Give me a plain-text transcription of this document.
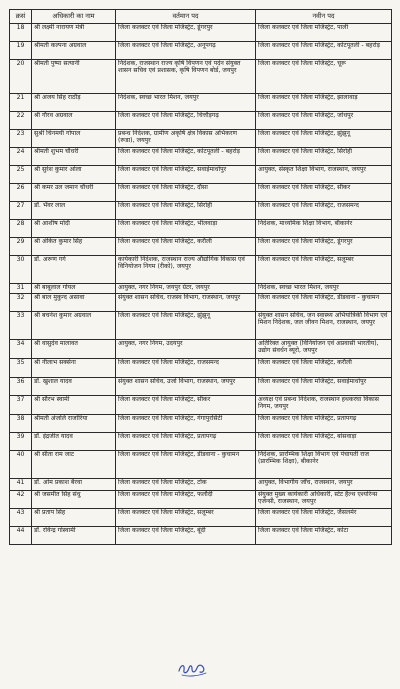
क्रसं	अधिकारी का नाम	वर्तमान पद	नवीन पद
18	श्री लक्ष्मी नारायण मंत्री	जिला कलक्टर एवं जिला मजिस्ट्रेट, डूंगरपुर	जिला कलक्टर एवं जिला मजिस्ट्रेट, पाली
19	श्रीमती कल्पना अग्रवाल	जिला कलक्टर एवं जिला मजिस्ट्रेट, अनूपगढ़	जिला कलक्टर एवं जिला मजिस्ट्रेट, कोटपूतली - बहरोड़
20	श्रीमती पुष्पा सत्यानी	निदेशक, राजस्थान राज्य कृषि विपणन एवं पदेन संयुक्त शासन सचिव एवं प्रशासक, कृषि विपणन बोर्ड, जयपुर	जिला कलक्टर एवं जिला मजिस्ट्रेट, चूरू
21	श्री अजय सिंह राठौड़	निदेशक, स्वच्छ भारत मिशन, जयपुर	जिला कलक्टर एवं जिला मजिस्ट्रेट, झालावाड़
22	श्री गौरव अग्रवाल	जिला कलक्टर एवं जिला मजिस्ट्रेट, चित्तौड़गढ़	जिला कलक्टर एवं जिला मजिस्ट्रेट, जोधपुर
23	सुश्री चिनमयी गोपाल	प्रबन्ध निदेशक, ग्रामीण अकृषि क्षेत्र विकास अभिकरण (रूडा), जयपुर	जिला कलक्टर एवं जिला मजिस्ट्रेट, झुंझुनू
24	श्रीमती शुभम चौधरी	जिला कलक्टर एवं जिला मजिस्ट्रेट, कोटपूतली - बहरोड़	जिला कलक्टर एवं जिला मजिस्ट्रेट, सिरोही
25	श्री सुरेश कुमार ओला	जिला कलक्टर एवं जिला मजिस्ट्रेट, सवाईमाधोपुर	आयुक्त, संस्कृत शिक्षा विभाग, राजस्थान, जयपुर
26	श्री कमर उल जमान चौधरी	जिला कलक्टर एवं जिला मजिस्ट्रेट, दौसा	जिला कलक्टर एवं जिला मजिस्ट्रेट, सीकर
27	डॉ. भँवर लाल	जिला कलक्टर एवं जिला मजिस्ट्रेट, सिरोही	जिला कलक्टर एवं जिला मजिस्ट्रेट, राजसमन्द
28	श्री आशीष मोदी	जिला कलक्टर एवं जिला मजिस्ट्रेट, भीलवाड़ा	निदेशक, माध्यमिक शिक्षा विभाग, बीकानेर
29	श्री अंकित कुमार सिंह	जिला कलक्टर एवं जिला मजिस्ट्रेट, करौली	जिला कलक्टर एवं जिला मजिस्ट्रेट, डूंगरपुर
30	डॉ. अरूण गर्ग	कार्यकारी निदेशक, राजस्थान राज्य औद्योगिक विकास एवं विनियोजन निगम (रीको), जयपुर	जिला कलक्टर एवं जिला मजिस्ट्रेट, सलूम्बर
31	श्री बाबूलाल गोयल	आयुक्त, नगर निगम, जयपुर ग्रेटर, जयपुर	निदेशक, स्वच्छ भारत मिशन, जयपुर
32	श्री बाल मुकुन्द असावा	संयुक्त शासन सचिव, राजस्व विभाग, राजस्थान, जयपुर	जिला कलक्टर एवं जिला मजिस्ट्रेट, डीडवाना - कुचामन
33	श्री बचनेश कुमार अग्रवाल	जिला कलक्टर एवं जिला मजिस्ट्रेट, झुंझुनू	संयुक्त शासन सचिव, जन स्वास्थ्य अभियांत्रिकी विभाग एवं मिशन निदेशक, जल जीवन मिशन, राजस्थान, जयपुर
34	श्री वासुदेव मालावत	आयुक्त, नगर निगम, उदयपुर	अतिरिक्त आयुक्त (विनियोजन एवं अप्रवासी भारतीय), उद्योग संवर्धन ब्यूरो, जयपुर
35	श्री नीलाभ सक्सेना	जिला कलक्टर एवं जिला मजिस्ट्रेट, राजसमन्द	जिला कलक्टर एवं जिला मजिस्ट्रेट, करौली
36	डॉ. खुशाल यादव	संयुक्त शासन सचिव, उर्जा विभाग, राजस्थान, जयपुर	जिला कलक्टर एवं जिला मजिस्ट्रेट, सवाईमाधोपुर
37	श्री सौरभ स्वामी	जिला कलक्टर एवं जिला मजिस्ट्रेट, सीकर	अध्यक्ष एवं प्रबन्ध निदेशक, राजस्थान हथकरघा विकास निगम, जयपुर
38	श्रीमती अंजलि राजोरिया	जिला कलक्टर एवं जिला मजिस्ट्रेट, गंगापुरसिटी	जिला कलक्टर एवं जिला मजिस्ट्रेट, प्रतापगढ़
39	डॉ. इंद्रजीत यादव	जिला कलक्टर एवं जिला मजिस्ट्रेट, प्रतापगढ़	जिला कलक्टर एवं जिला मजिस्ट्रेट, बांसवाड़ा
40	श्री सीता राम जाट	जिला कलक्टर एवं जिला मजिस्ट्रेट, डीडवाना - कुचामन	निदेशक, प्रारम्भिक शिक्षा विभाग एवं पंचायती राज (प्रारम्भिक शिक्षा), बीकानेर
41	डॉ. ओम प्रकाश बैरवा	जिला कलक्टर एवं जिला मजिस्ट्रेट, टोंक	आयुक्त, विभागीय जाँच, राजस्थान, जयपुर
42	श्री जसमीत सिंह संधु	जिला कलक्टर एवं जिला मजिस्ट्रेट, फलौदी	संयुक्त मुख्य कार्यकारी अधिकारी, स्टेट हैल्थ एश्योरेन्स एजेन्सी, राजस्थान, जयपुर
43	श्री प्रताप सिंह	जिला कलक्टर एवं जिला मजिस्ट्रेट, सलूम्बर	जिला कलक्टर एवं जिला मजिस्ट्रेट, जैसलमेर
44	डॉ. रविन्द्र गोस्वामी	जिला कलक्टर एवं जिला मजिस्ट्रेट, बूंदी	जिला कलक्टर एवं जिला मजिस्ट्रेट, कोटा
